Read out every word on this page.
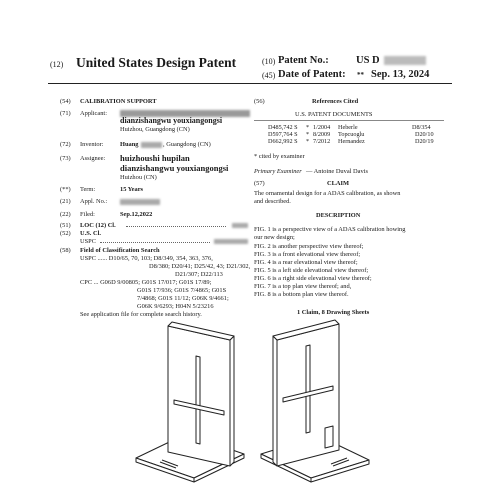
(12) United States Design Patent	(10) Patent No.:	US D
(45) Date of Patent: ** Sep. 13, 2024
(54) CALIBRATION SUPPORT
(71) Applicant:
dianzishangwu youxiangongsi
Huizhou, Guangdong (CN)
(72) Inventor:	Huang	, Guangdong (CN)
(73) Assignee: huizhoushi hupilan
dianzishangwu youxiangongsi
Huizhou (CN)
(**) Term:	15 Years
(21) Appl. No.:
(22) Filed:	Sep.12,2022
(51) LOC (12) Cl.
(52) U.S. Cl.
USPC
(58) Field of Classification Search
USPC ...... D10/65, 70, 103; D8/349, 354, 363, 376,
D8/380; D20/41; D25/42, 43; D21/302,
D21/307; D22/113
CPC ... G06D 9/00805; G01S 17/017; G01S 17/89;
G01S 17/936; G01S 7/4865; G01S
7/4868; G01S 11/12; G06K 9/4661;
G06K 9/6293; H04N 5/23216
See application file for complete search history.
(56)	References Cited
U.S. PATENT DOCUMENTS
D485,742 S * 1/2004 Heberle	D8/354
D597,764 S * 8/2009 Topcuoglu	D20/10
D662,992 S * 7/2012 Hernandez	D20/19
* cited by examiner
Primary Examiner — Antoine Duval Davis
(57)	CLAIM
The ornamental design for a ADAS calibration, as shown
and described.
DESCRIPTION
FIG. 1 is a perspective view of a ADAS calibration howing
our new design;
FIG. 2 is another perspective view thereof;
FIG. 3 is a front elevational view thereof;
FIG. 4 is a rear elevational view thereof;
FIG. 5 is a left side elevational view thereof;
FIG. 6 is a right side elevational view thereof;
FIG. 7 is a top plan view thereof; and,
FIG. 8 is a bottom plan view thereof.
1 Claim, 8 Drawing Sheets
